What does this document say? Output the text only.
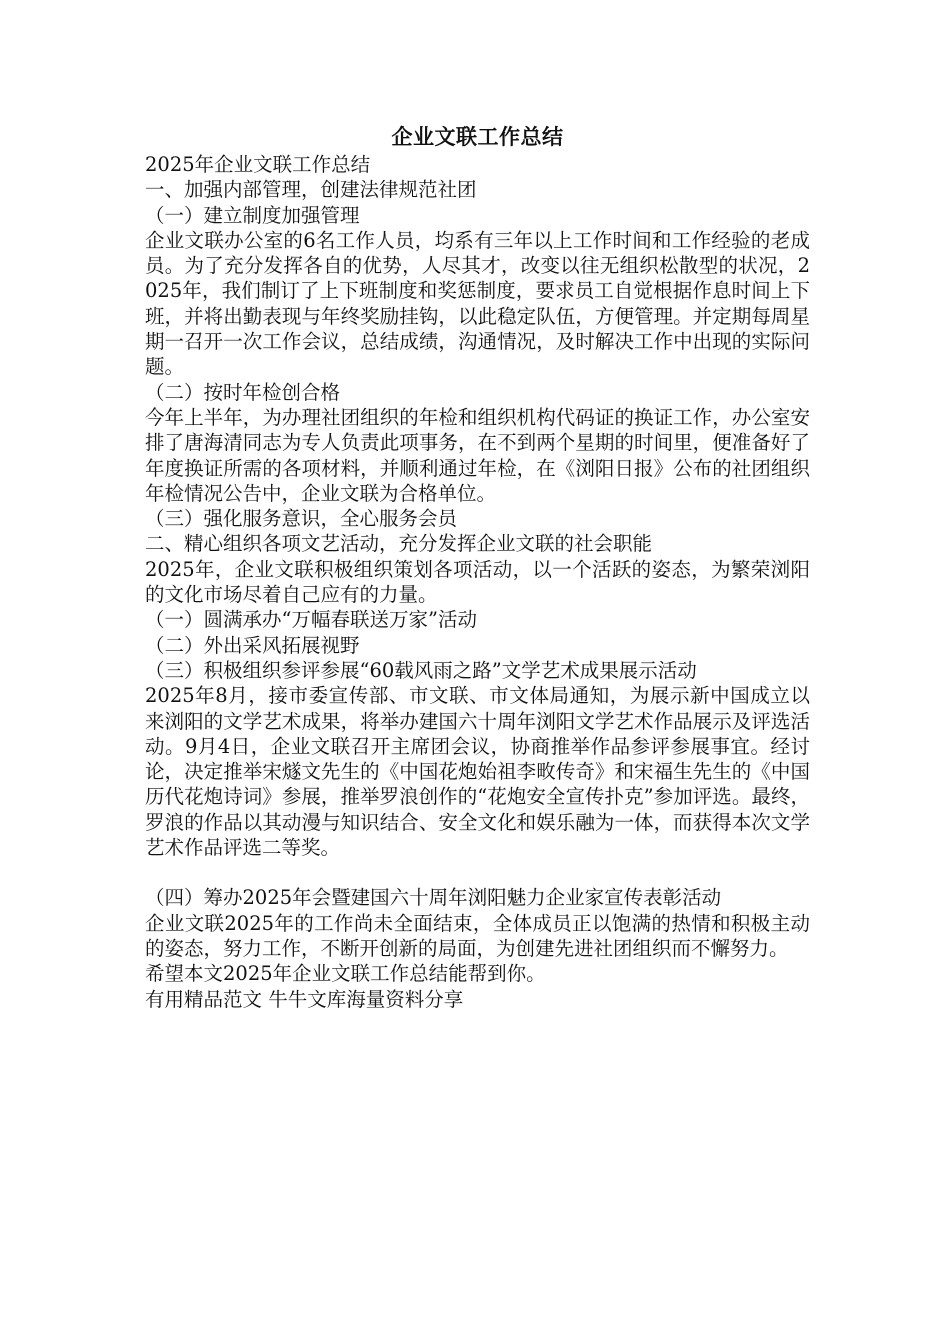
企业文联工作总结

2025年企业文联工作总结

一、加强内部管理，创建法律规范社团

（一）建立制度加强管理

企业文联办公室的6名工作人员，均系有三年以上工作时间和工作经验的老成员。为了充分发挥各自的优势，人尽其才，改变以往无组织松散型的状况，2025年，我们制订了上下班制度和奖惩制度，要求员工自觉根据作息时间上下班，并将出勤表现与年终奖励挂钩，以此稳定队伍，方便管理。并定期每周星期一召开一次工作会议，总结成绩，沟通情况，及时解决工作中出现的实际问题。

（二）按时年检创合格

今年上半年，为办理社团组织的年检和组织机构代码证的换证工作，办公室安排了唐海清同志为专人负责此项事务，在不到两个星期的时间里，便准备好了年度换证所需的各项材料，并顺利通过年检，在《浏阳日报》公布的社团组织年检情况公告中，企业文联为合格单位。

（三）强化服务意识，全心服务会员

二、精心组织各项文艺活动，充分发挥企业文联的社会职能

2025年，企业文联积极组织策划各项活动，以一个活跃的姿态，为繁荣浏阳的文化市场尽着自己应有的力量。

（一）圆满承办“万幅春联送万家”活动

（二）外出采风拓展视野

（三）积极组织参评参展“60载风雨之路”文学艺术成果展示活动

2025年8月，接市委宣传部、市文联、市文体局通知，为展示新中国成立以来浏阳的文学艺术成果，将举办建国六十周年浏阳文学艺术作品展示及评选活动。9月4日，企业文联召开主席团会议，协商推举作品参评参展事宜。经讨论，决定推举宋燧文先生的《中国花炮始祖李畋传奇》和宋福生先生的《中国历代花炮诗词》参展，推举罗浪创作的“花炮安全宣传扑克”参加评选。最终，罗浪的作品以其动漫与知识结合、安全文化和娱乐融为一体，而获得本次文学艺术作品评选二等奖。

（四）筹办2025年会暨建国六十周年浏阳魅力企业家宣传表彰活动

企业文联2025年的工作尚未全面结束，全体成员正以饱满的热情和积极主动的姿态，努力工作，不断开创新的局面，为创建先进社团组织而不懈努力。

希望本文2025年企业文联工作总结能帮到你。

有用精品范文 牛牛文库海量资料分享
